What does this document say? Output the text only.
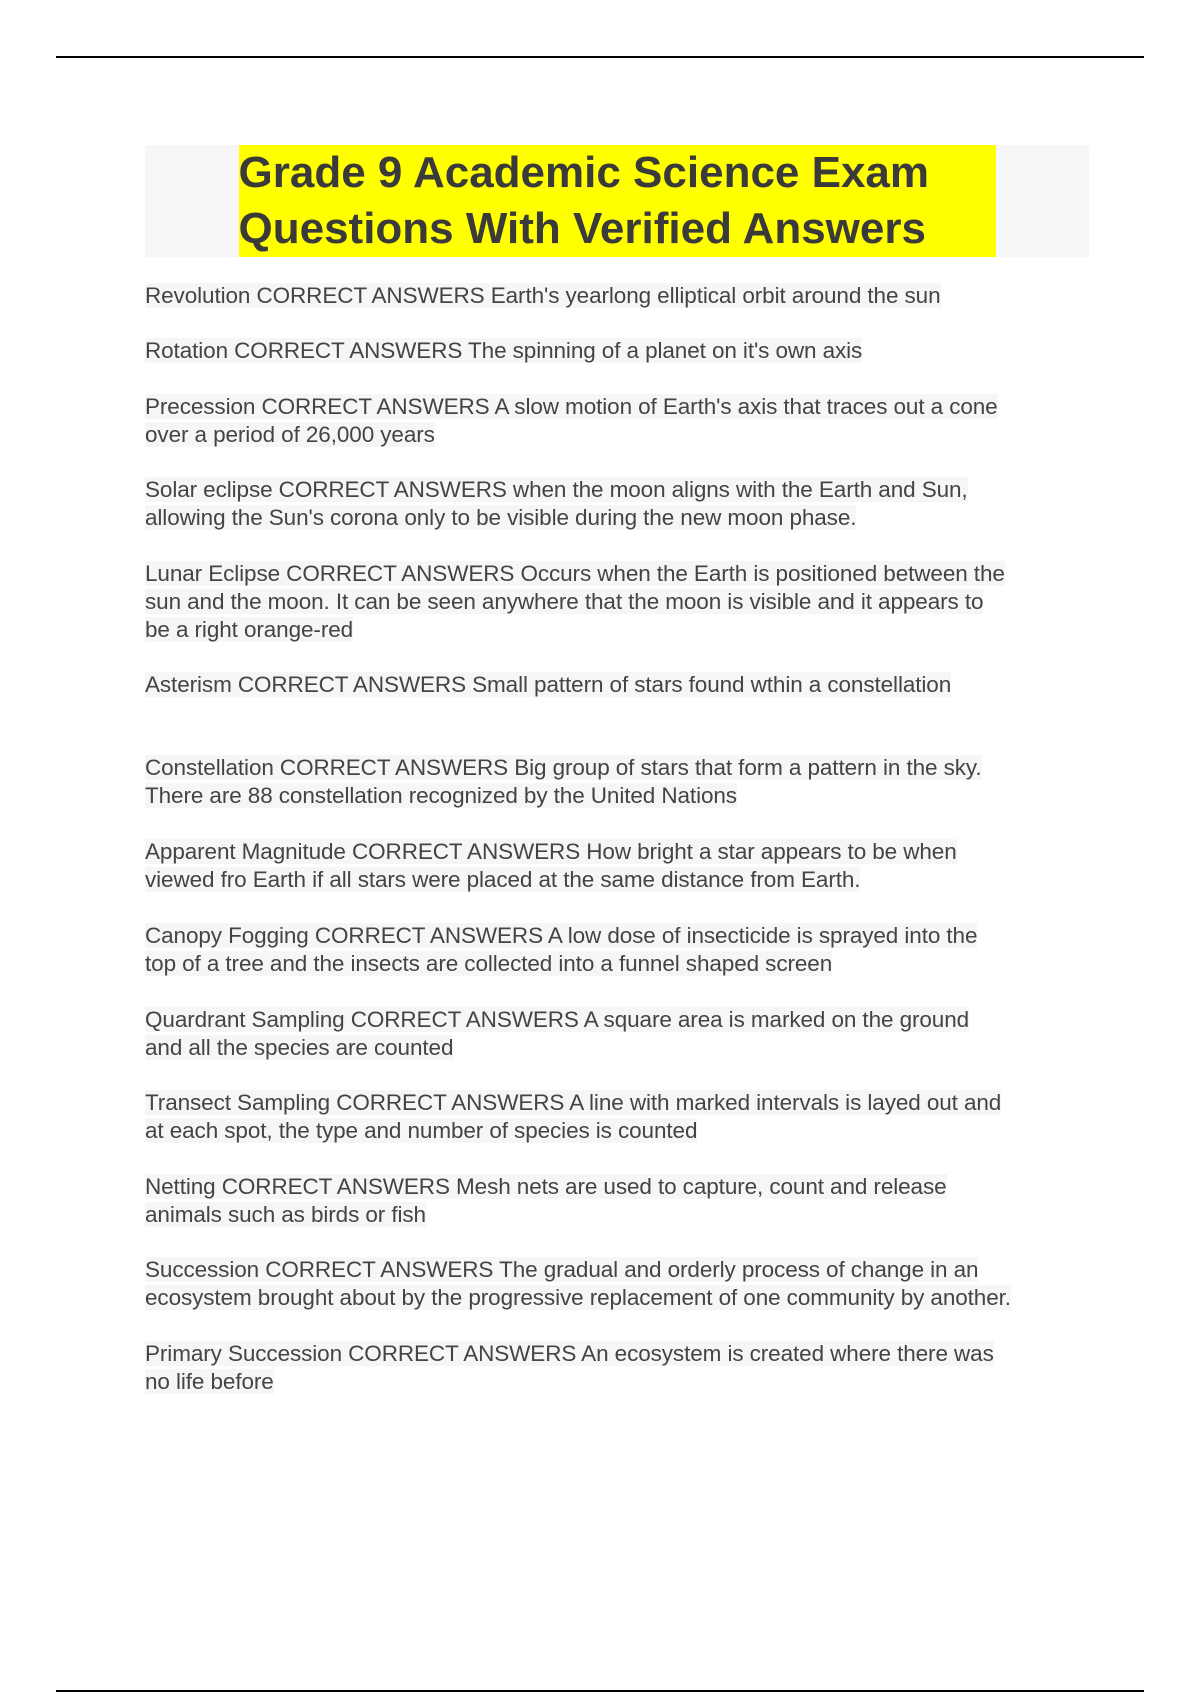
Grade 9 Academic Science Exam
Questions With Verified Answers
Revolution CORRECT ANSWERS Earth's yearlong elliptical orbit around the sun
Rotation CORRECT ANSWERS The spinning of a planet on it's own axis
Precession CORRECT ANSWERS A slow motion of Earth's axis that traces out a cone
over a period of 26,000 years
Solar eclipse CORRECT ANSWERS when the moon aligns with the Earth and Sun,
allowing the Sun's corona only to be visible during the new moon phase.
Lunar Eclipse CORRECT ANSWERS Occurs when the Earth is positioned between the
sun and the moon. It can be seen anywhere that the moon is visible and it appears to
be a right orange-red
Asterism CORRECT ANSWERS Small pattern of stars found wthin a constellation
Constellation CORRECT ANSWERS Big group of stars that form a pattern in the sky.
There are 88 constellation recognized by the United Nations
Apparent Magnitude CORRECT ANSWERS How bright a star appears to be when
viewed fro Earth if all stars were placed at the same distance from Earth.
Canopy Fogging CORRECT ANSWERS A low dose of insecticide is sprayed into the
top of a tree and the insects are collected into a funnel shaped screen
Quardrant Sampling CORRECT ANSWERS A square area is marked on the ground
and all the species are counted
Transect Sampling CORRECT ANSWERS A line with marked intervals is layed out and
at each spot, the type and number of species is counted
Netting CORRECT ANSWERS Mesh nets are used to capture, count and release
animals such as birds or fish
Succession CORRECT ANSWERS The gradual and orderly process of change in an
ecosystem brought about by the progressive replacement of one community by another.
Primary Succession CORRECT ANSWERS An ecosystem is created where there was
no life before
